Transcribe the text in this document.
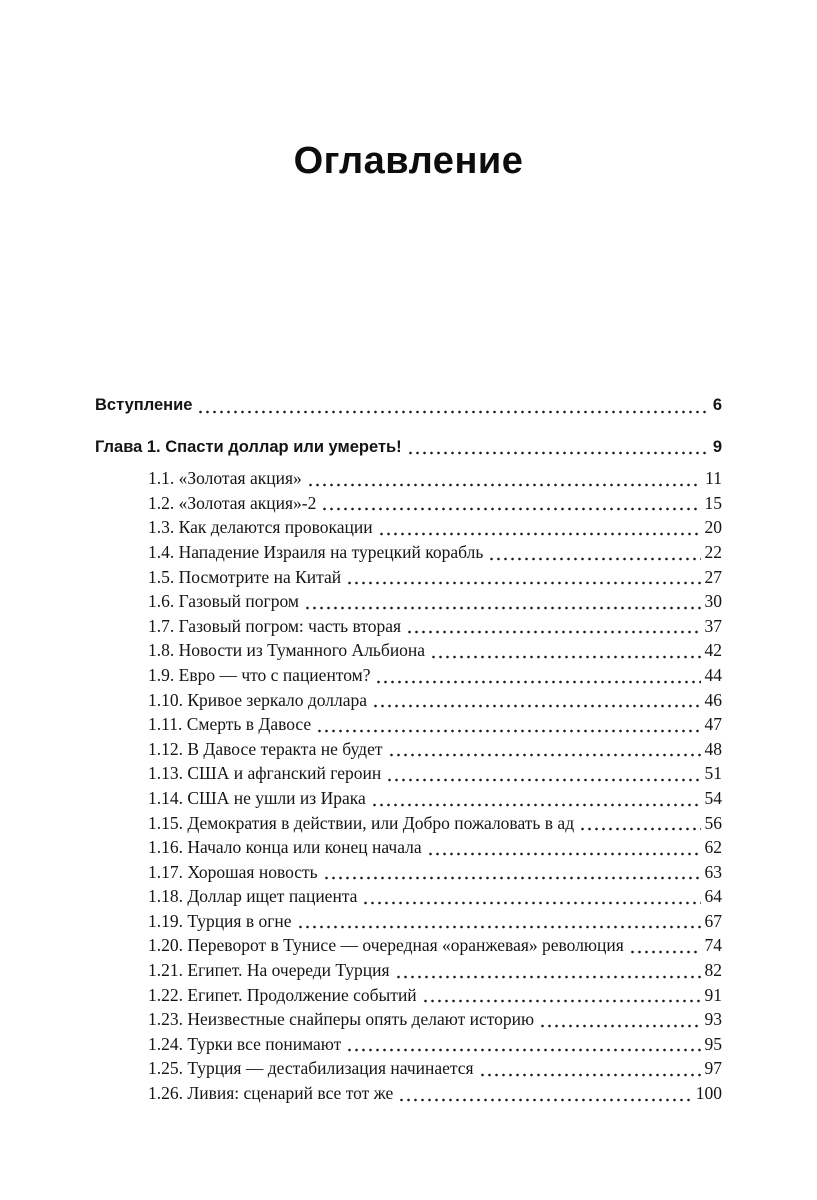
Оглавление
Вступление	6
Глава 1. Спасти доллар или умереть!	9
1.1. «Золотая акция»	11
1.2. «Золотая акция»-2	15
1.3. Как делаются провокации	20
1.4. Нападение Израиля на турецкий корабль	22
1.5. Посмотрите на Китай	27
1.6. Газовый погром	30
1.7. Газовый погром: часть вторая	37
1.8. Новости из Туманного Альбиона	42
1.9. Евро — что с пациентом?	44
1.10. Кривое зеркало доллара	46
1.11. Смерть в Давосе	47
1.12. В Давосе теракта не будет	48
1.13. США и афганский героин	51
1.14. США не ушли из Ирака	54
1.15. Демократия в действии, или Добро пожаловать в ад	56
1.16. Начало конца или конец начала	62
1.17. Хорошая новость	63
1.18. Доллар ищет пациента	64
1.19. Турция в огне	67
1.20. Переворот в Тунисе — очередная «оранжевая» революция	74
1.21. Египет. На очереди Турция	82
1.22. Египет. Продолжение событий	91
1.23. Неизвестные снайперы опять делают историю	93
1.24. Турки все понимают	95
1.25. Турция — дестабилизация начинается	97
1.26. Ливия: сценарий все тот же	100
